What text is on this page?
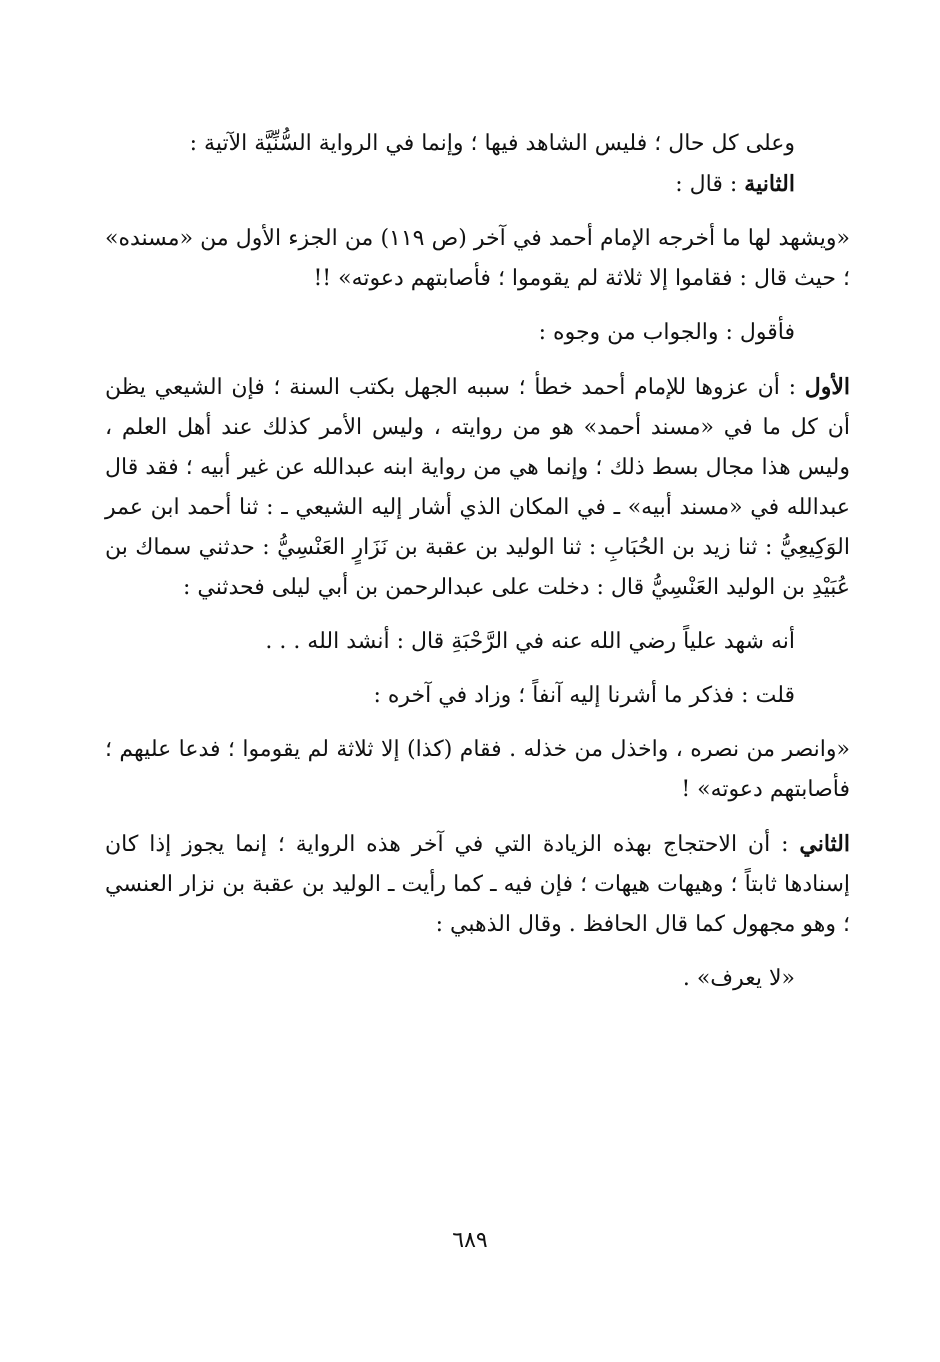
وعلى كل حال ؛ فليس الشاهد فيها ؛ وإنما في الرواية السُّنِّيَّة الآتية :

الثانية : قال :

«ويشهد لها ما أخرجه الإمام أحمد في آخر (ص ١١٩) من الجزء الأول من «مسنده» ؛ حيث قال : فقاموا إلا ثلاثة لم يقوموا ؛ فأصابتهم دعوته» !!

فأقول : والجواب من وجوه :

الأول : أن عزوها للإمام أحمد خطأ ؛ سببه الجهل بكتب السنة ؛ فإن الشيعي يظن أن كل ما في «مسند أحمد» هو من روايته ، وليس الأمر كذلك عند أهل العلم ، وليس هذا مجال بسط ذلك ؛ وإنما هي من رواية ابنه عبدالله عن غير أبيه ؛ فقد قال عبدالله في «مسند أبيه» ـ في المكان الذي أشار إليه الشيعي ـ : ثنا أحمد ابن عمر الوَكِيعِيُّ : ثنا زيد بن الحُبَابِ : ثنا الوليد بن عقبة بن نَزَارٍ العَنْسِيُّ : حدثني سماك بن عُبَيْدِ بن الوليد العَنْسِيُّ قال : دخلت على عبدالرحمن بن أبي ليلى فحدثني :

أنه شهد علياً رضي الله عنه في الرَّحْبَةِ قال : أنشد الله . . .

قلت : فذكر ما أشرنا إليه آنفاً ؛ وزاد في آخره :

«وانصر من نصره ، واخذل من خذله . فقام (كذا) إلا ثلاثة لم يقوموا ؛ فدعا عليهم ؛ فأصابتهم دعوته» !

الثاني : أن الاحتجاج بهذه الزيادة التي في آخر هذه الرواية ؛ إنما يجوز إذا كان إسنادها ثابتاً ؛ وهيهات هيهات ؛ فإن فيه ـ كما رأيت ـ الوليد بن عقبة بن نزار العنسي ؛ وهو مجهول كما قال الحافظ . وقال الذهبي :

«لا يعرف» .

٦٨٩
